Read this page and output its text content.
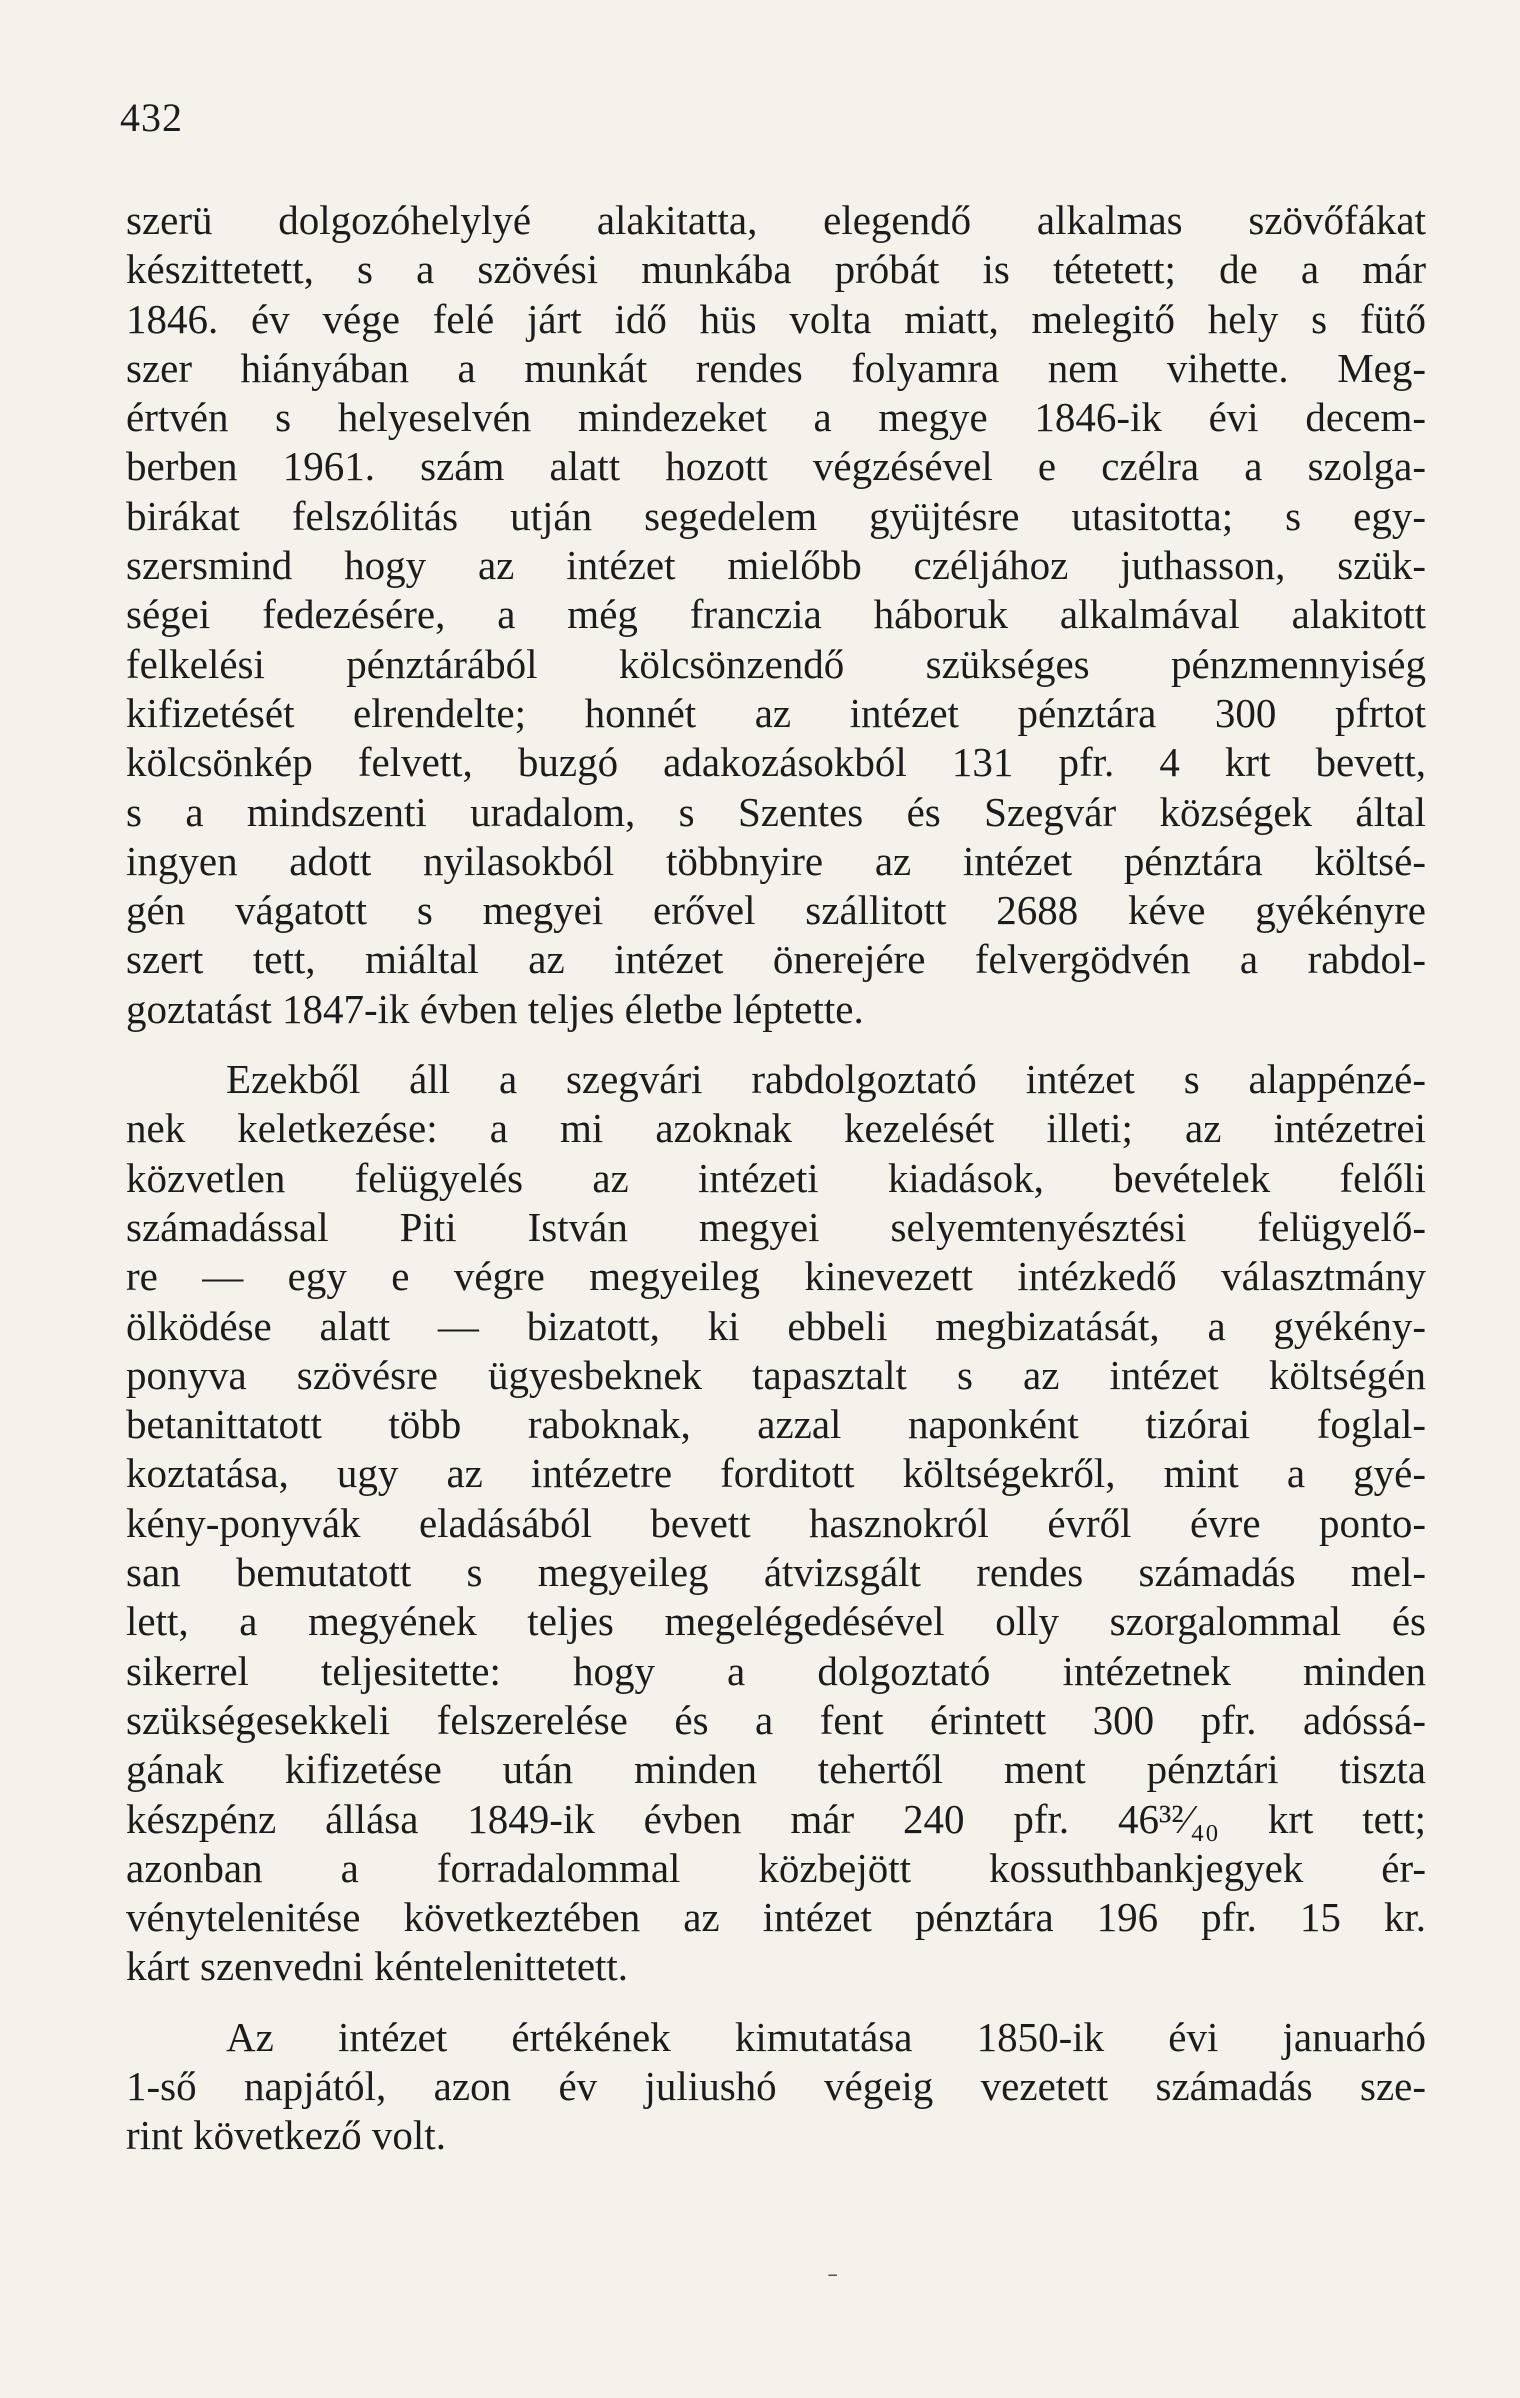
432
szerü dolgozóhelylyé alakitatta, elegendő alkalmas szövőfákat
készittetett, s a szövési munkába próbát is tétetett; de a már
1846. év vége felé járt idő hüs volta miatt, melegitő hely s fütő
szer hiányában a munkát rendes folyamra nem vihette. Meg-
értvén s helyeselvén mindezeket a megye 1846-ik évi decem-
berben 1961. szám alatt hozott végzésével e czélra a szolga-
birákat felszólitás utján segedelem gyüjtésre utasitotta; s egy-
szersmind hogy az intézet mielőbb czéljához juthasson, szük-
ségei fedezésére, a még franczia háboruk alkalmával alakitott
felkelési pénztárából kölcsönzendő szükséges pénzmennyiség
kifizetését elrendelte; honnét az intézet pénztára 300 pfrtot
kölcsönkép felvett, buzgó adakozásokból 131 pfr. 4 krt bevett,
s a mindszenti uradalom, s Szentes és Szegvár községek által
ingyen adott nyilasokból többnyire az intézet pénztára költsé-
gén vágatott s megyei erővel szállitott 2688 kéve gyékényre
szert tett, miáltal az intézet önerejére felvergödvén a rabdol-
goztatást 1847-ik évben teljes életbe léptette.
Ezekből áll a szegvári rabdolgoztató intézet s alappénzé-
nek keletkezése: a mi azoknak kezelését illeti; az intézetrei
közvetlen felügyelés az intézeti kiadások, bevételek felőli
számadással Piti István megyei selyemtenyésztési felügyelő-
re — egy e végre megyeileg kinevezett intézkedő választmány
ölködése alatt — bizatott, ki ebbeli megbizatását, a gyékény-
ponyva szövésre ügyesbeknek tapasztalt s az intézet költségén
betanittatott több raboknak, azzal naponként tizórai foglal-
koztatása, ugy az intézetre forditott költségekről, mint a gyé-
kény-ponyvák eladásából bevett hasznokról évről évre ponto-
san bemutatott s megyeileg átvizsgált rendes számadás mel-
lett, a megyének teljes megelégedésével olly szorgalommal és
sikerrel teljesitette: hogy a dolgoztató intézetnek minden
szükségesekkeli felszerelése és a fent érintett 300 pfr. adóssá-
gának kifizetése után minden tehertől ment pénztári tiszta
készpénz állása 1849-ik évben már 240 pfr. 46³²⁄₄₀ krt tett;
azonban a forradalommal közbejött kossuthbankjegyek ér-
vénytelenitése következtében az intézet pénztára 196 pfr. 15 kr.
kárt szenvedni kéntelenittetett.
Az intézet értékének kimutatása 1850-ik évi januarhó
1-ső napjától, azon év juliushó végeig vezetett számadás sze-
rint következő volt.
ˉ
